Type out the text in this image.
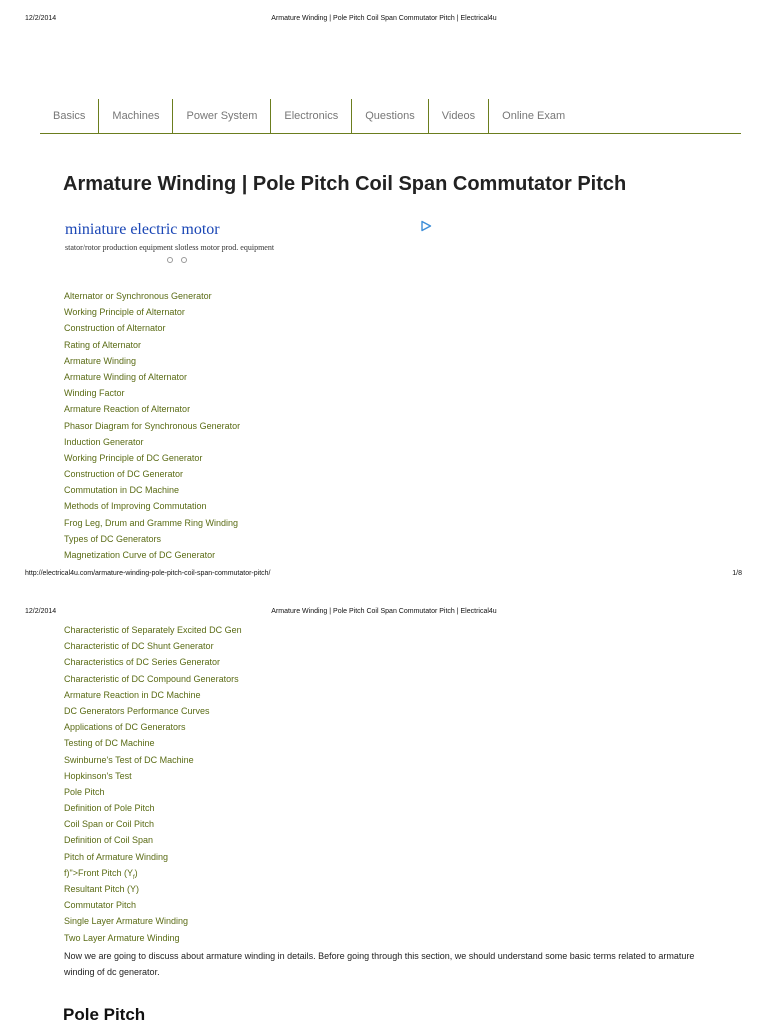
12/2/2014	Armature Winding | Pole Pitch Coil Span Commutator Pitch | Electrical4u
Basics	Machines	Power System	Electronics	Questions	Videos	Online Exam
Armature Winding | Pole Pitch Coil Span Commutator Pitch
miniature electric motor
stator/rotor production equipment slotless motor prod. equipment
Alternator or Synchronous Generator
Working Principle of Alternator
Construction of Alternator
Rating of Alternator
Armature Winding
Armature Winding of Alternator
Winding Factor
Armature Reaction of Alternator
Phasor Diagram for Synchronous Generator
Induction Generator
Working Principle of DC Generator
Construction of DC Generator
Commutation in DC Machine
Methods of Improving Commutation
Frog Leg, Drum and Gramme Ring Winding
Types of DC Generators
Magnetization Curve of DC Generator
http://electrical4u.com/armature-winding-pole-pitch-coil-span-commutator-pitch/	1/8
12/2/2014	Armature Winding | Pole Pitch Coil Span Commutator Pitch | Electrical4u
Characteristic of Separately Excited DC Gen
Characteristic of DC Shunt Generator
Characteristics of DC Series Generator
Characteristic of DC Compound Generators
Armature Reaction in DC Machine
DC Generators Performance Curves
Applications of DC Generators
Testing of DC Machine
Swinburne's Test of DC Machine
Hopkinson's Test
Pole Pitch
Definition of Pole Pitch
Coil Span or Coil Pitch
Definition of Coil Span
Pitch of Armature Winding
f)">Front Pitch $(Y_f)$
Resultant Pitch (Y)
Commutator Pitch
Single Layer Armature Winding
Two Layer Armature Winding

Now we are going to discuss about armature winding in details. Before going through this section, we should understand some basic terms related to armature winding of dc generator.

Pole Pitch
